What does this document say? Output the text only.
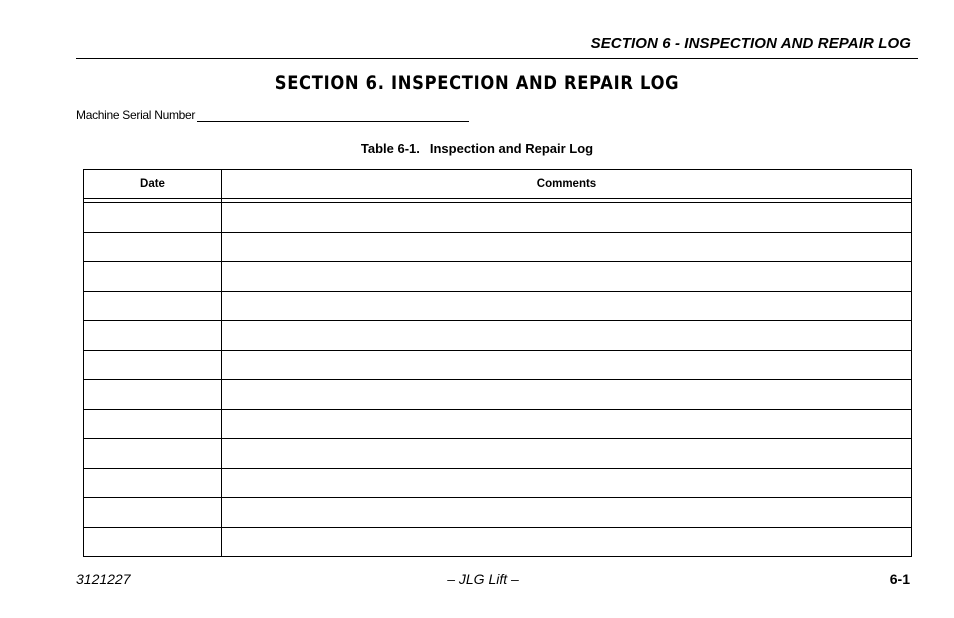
SECTION 6 - INSPECTION AND REPAIR LOG
SECTION 6. INSPECTION AND REPAIR LOG
Machine Serial Number
Table 6-1. Inspection and Repair Log
Date	Comments

3121227	– JLG Lift –	6-1
